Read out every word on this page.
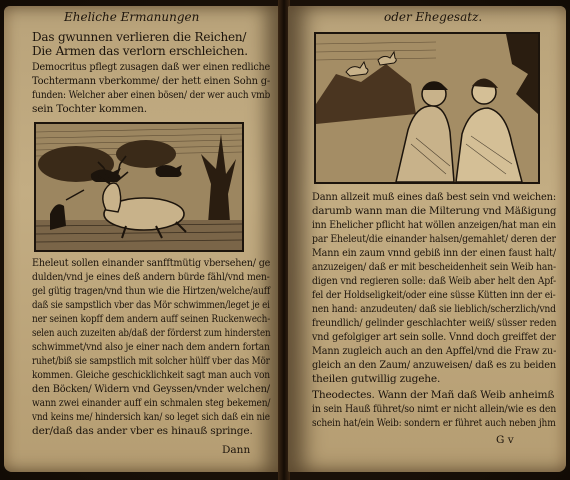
Eheliche Ermanungen
Das gwunnen verlieren die Reichen/
Die Armen das verlorn erschleichen.
Democritus pflegt zusagen daß wer einen redliche
Tochtermann vberkomme/ der hett einen Sohn g-
funden: Welcher aber einen bösen/ der wer auch vmb
sein Tochter kommen.
Eheleut sollen einander sanfftmütig vbersehen/ ge
dulden/vnd je eines deß andern bürde fähl/vnd men-
gel gütig tragen/vnd thun wie die Hirtzen/welche/auff
daß sie sampstlich vber das Mör schwimmen/leget je ei
ner seinen kopff dem andern auff seinen Ruckenwech-
selen auch zuzeiten ab/daß der förderst zum hindersten
schwimmet/vnd also je einer nach dem andern fortan
ruhet/biß sie sampstlich mit solcher hülff vber das Mör
kommen. Gleiche geschicklichkeit sagt man auch von
den Böcken/ Widern vnd Geyssen/vnder welchen/
wann zwei einander auff ein schmalen steg bekemen/
vnd keins me/ hindersich kan/ so leget sich daß ein nie
der/daß das ander vber es hinauß springe.
Dann
oder Ehegesatz.
Dann allzeit muß eines daß best sein vnd weichen:
darumb wann man die Milterung vnd Mäßigung
inn Ehelicher pflicht hat wöllen anzeigen/hat man ein
par Eheleut/die einander halsen/gemahlet/ deren der
Mann ein zaum vnnd gebiß inn der einen faust halt/
anzuzeigen/ daß er mit bescheidenheit sein Weib han-
digen vnd regieren solle: daß Weib aber helt den Apf-
fel der Holdseligkeit/oder eine süsse Kütten inn der ei-
nen hand: anzudeuten/ daß sie lieblich/scherzlich/vnd
freundlich/ gelinder geschlachter weiß/ süsser reden
vnd gefolgiger art sein solle. Vnnd doch greiffet der
Mann zugleich auch an den Apffel/vnd die Fraw zu-
gleich an den Zaum/ anzuweisen/ daß es zu beiden
theilen gutwillig zugehe.
Theodectes. Wann der Mañ daß Weib anheimß
in sein Hauß führet/so nimt er nicht allein/wie es den
schein hat/ein Weib: sondern er führet auch neben jhm
G v
